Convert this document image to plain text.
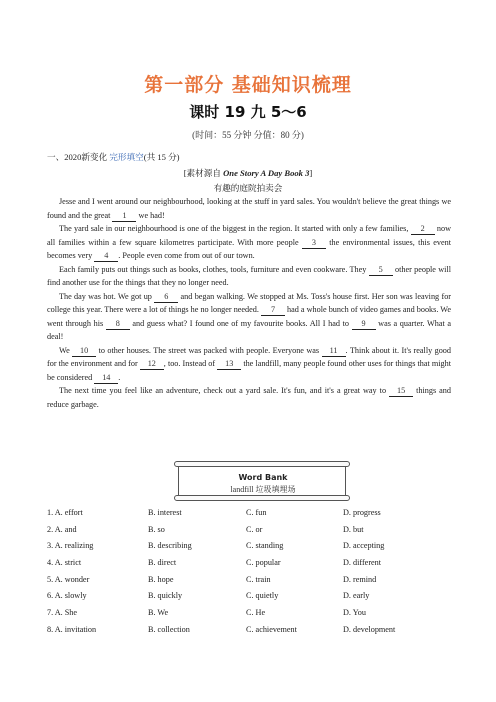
第一部分 基础知识梳理
课时 19 九 5～6
(时间：55 分钟 分值：80 分)
一、2020新变化 完形填空(共 15 分)
[素材源自 One Story A Day Book 3]
有趣的庭院拍卖会

Jesse and I went around our neighbourhood, looking at the stuff in yard sales. You wouldn't believe the great things we found and the great 1 we had!

The yard sale in our neighbourhood is one of the biggest in the region. It started with only a few families, 2 now all families within a few square kilometres participate. With more people 3 the environmental issues, this event becomes very 4 . People even come from out of our town.

Each family puts out things such as books, clothes, tools, furniture and even cookware. They 5 other people will find another use for the things that they no longer need.

The day was hot. We got up 6 and began walking. We stopped at Ms. Toss's house first. Her son was leaving for college this year. There were a lot of things he no longer needed. 7 had a whole bunch of video games and books. We went through his 8 and guess what? I found one of my favourite books. All I had to 9 was a quarter. What a deal!

We 10 to other houses. The street was packed with people. Everyone was 11 . Think about it. It's really good for the environment and for 12 , too. Instead of 13 the landfill, many people found other uses for things that might be considered 14 .

The next time you feel like an adventure, check out a yard sale. It's fun, and it's a great way to 15 things and reduce garbage.

Word Bank
landfill 垃圾填埋场
1. A. effort	B. interest	C. fun	D. progress
2. A. and	B. so	C. or	D. but
3. A. realizing	B. describing	C. standing	D. accepting
4. A. strict	B. direct	C. popular	D. different
5. A. wonder	B. hope	C. train	D. remind
6. A. slowly	B. quickly	C. quietly	D. early
7. A. She	B. We	C. He	D. You
8. A. invitation	B. collection	C. achievement	D. development
